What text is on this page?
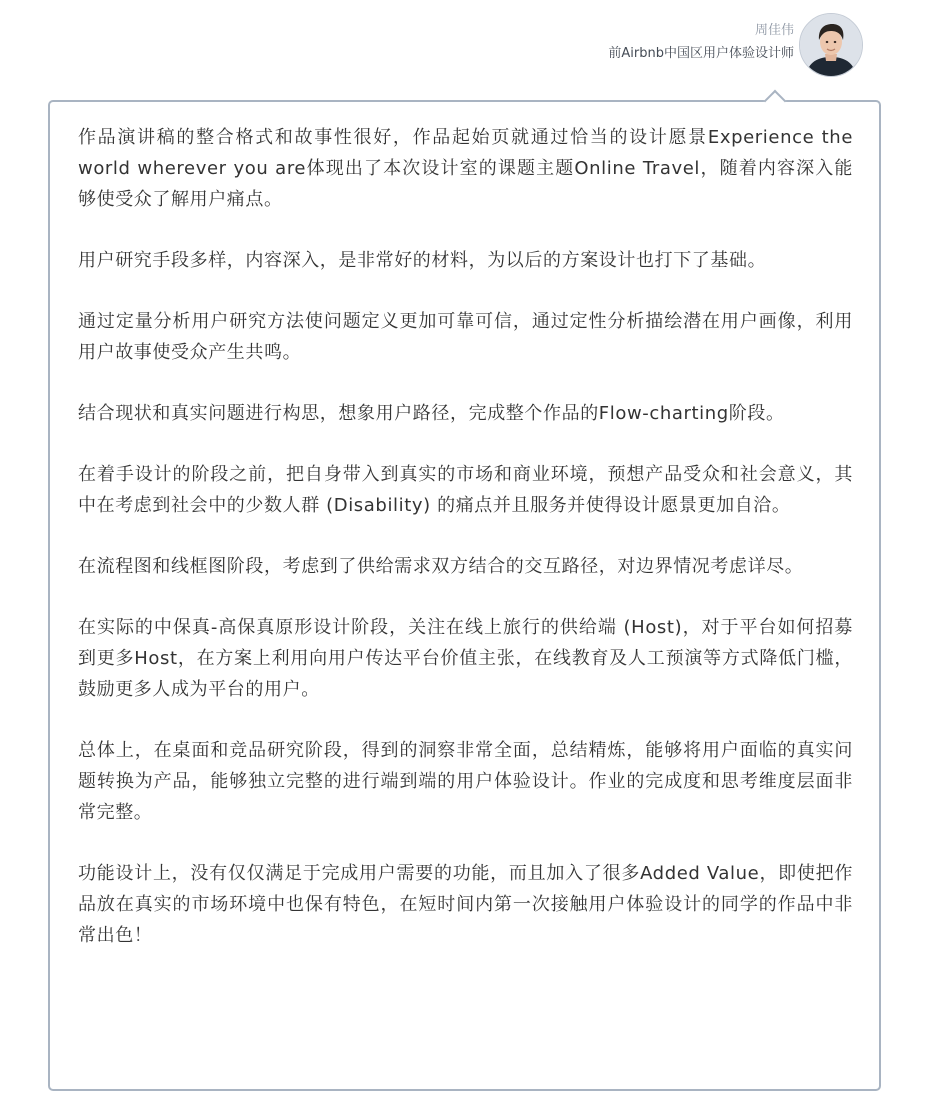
周佳伟
前Airbnb中国区用户体验设计师

作品演讲稿的整合格式和故事性很好，作品起始页就通过恰当的设计愿景Experience the world wherever you are体现出了本次设计室的课题主题Online Travel，随着内容深入能够使受众了解用户痛点。

用户研究手段多样，内容深入，是非常好的材料，为以后的方案设计也打下了基础。

通过定量分析用户研究方法使问题定义更加可靠可信，通过定性分析描绘潜在用户画像，利用用户故事使受众产生共鸣。

结合现状和真实问题进行构思，想象用户路径，完成整个作品的Flow-charting阶段。

在着手设计的阶段之前，把自身带入到真实的市场和商业环境，预想产品受众和社会意义，其中在考虑到社会中的少数人群 (Disability) 的痛点并且服务并使得设计愿景更加自洽。

在流程图和线框图阶段，考虑到了供给需求双方结合的交互路径，对边界情况考虑详尽。

在实际的中保真-高保真原形设计阶段，关注在线上旅行的供给端 (Host)，对于平台如何招募到更多Host，在方案上利用向用户传达平台价值主张，在线教育及人工预演等方式降低门槛，鼓励更多人成为平台的用户。

总体上，在桌面和竞品研究阶段，得到的洞察非常全面，总结精炼，能够将用户面临的真实问题转换为产品，能够独立完整的进行端到端的用户体验设计。作业的完成度和思考维度层面非常完整。

功能设计上，没有仅仅满足于完成用户需要的功能，而且加入了很多Added Value，即使把作品放在真实的市场环境中也保有特色，在短时间内第一次接触用户体验设计的同学的作品中非常出色！
